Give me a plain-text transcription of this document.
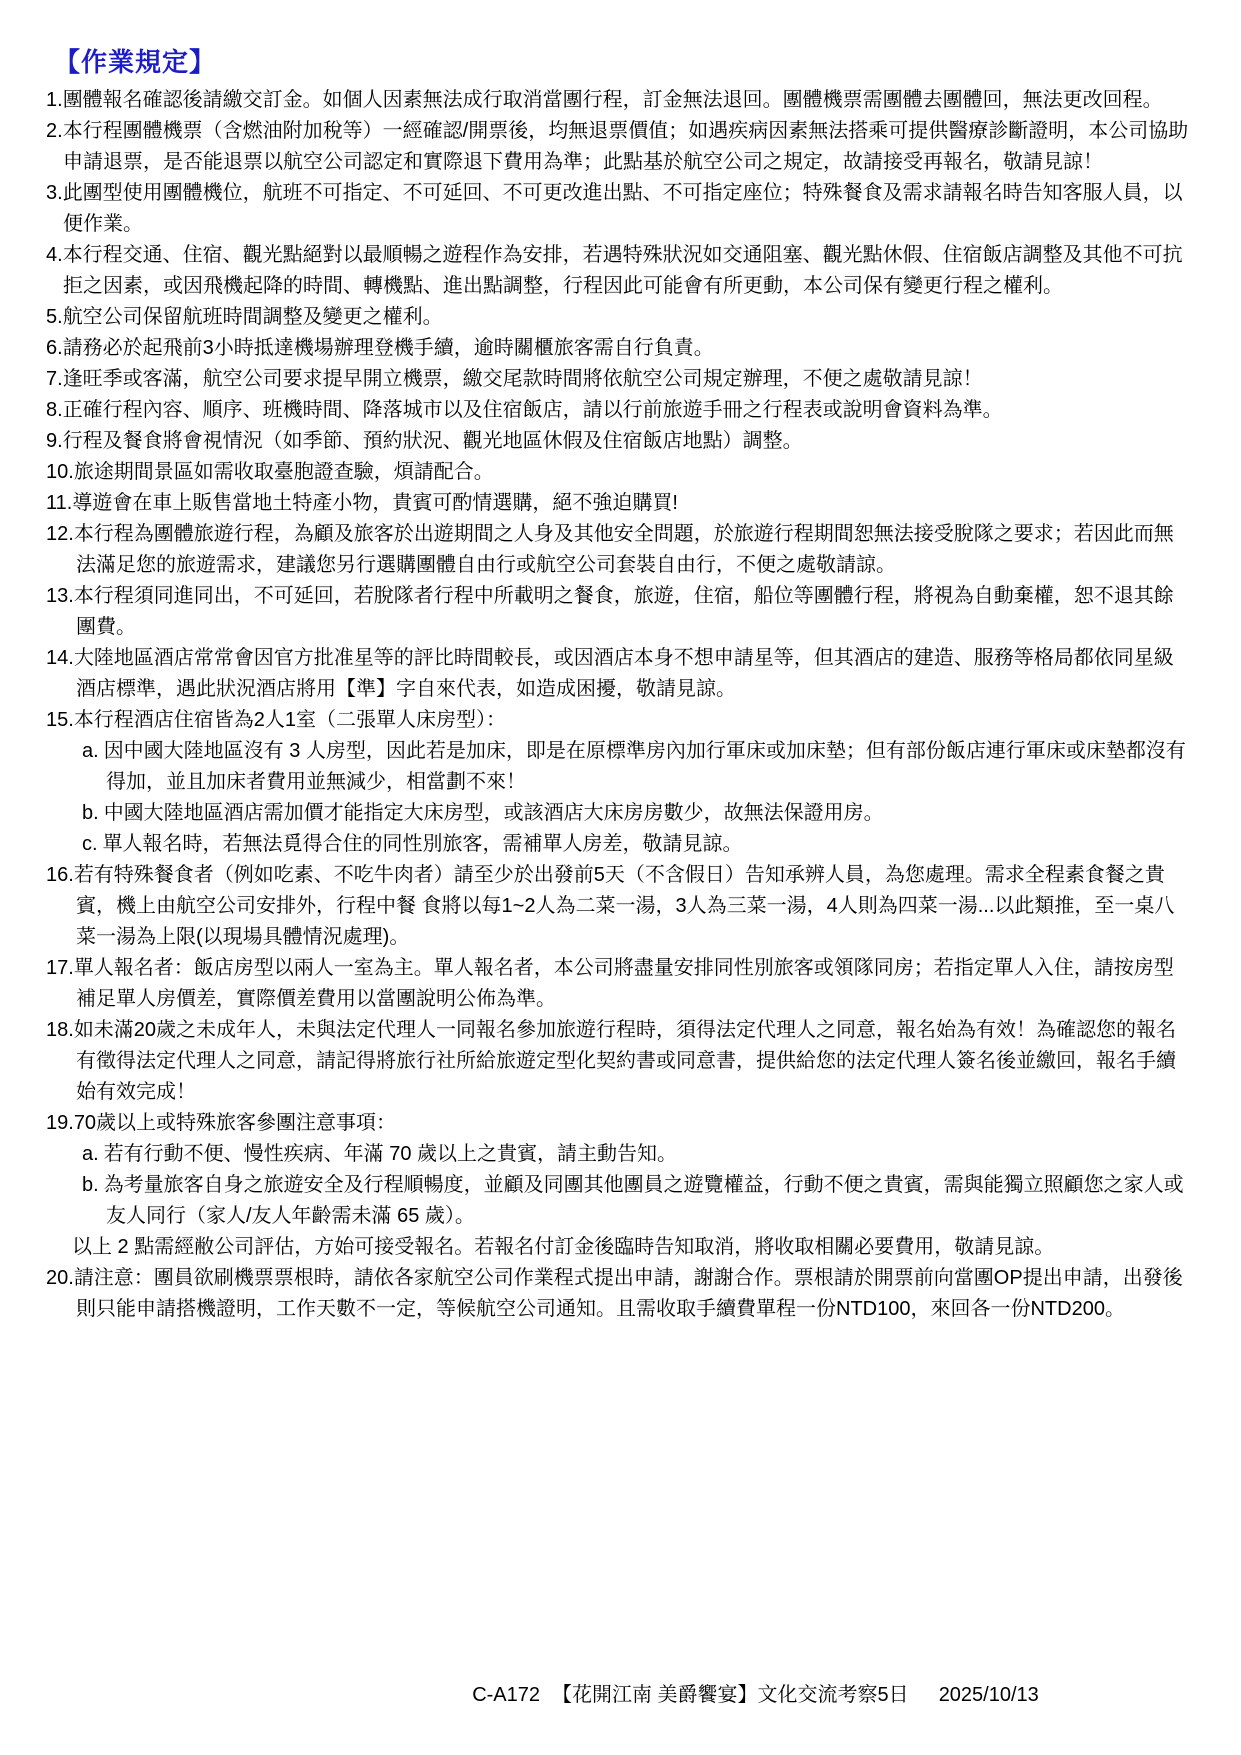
【作業規定】
1.團體報名確認後請繳交訂金。如個人因素無法成行取消當團行程，訂金無法退回。團體機票需團體去團體回，無法更改回程。
2.本行程團體機票（含燃油附加稅等）一經確認/開票後，均無退票價值；如遇疾病因素無法搭乘可提供醫療診斷證明，本公司協助申請退票，是否能退票以航空公司認定和實際退下費用為準；此點基於航空公司之規定，故請接受再報名，敬請見諒！
3.此團型使用團體機位，航班不可指定、不可延回、不可更改進出點、不可指定座位；特殊餐食及需求請報名時告知客服人員，以便作業。
4.本行程交通、住宿、觀光點絕對以最順暢之遊程作為安排，若遇特殊狀況如交通阻塞、觀光點休假、住宿飯店調整及其他不可抗拒之因素，或因飛機起降的時間、轉機點、進出點調整，行程因此可能會有所更動，本公司保有變更行程之權利。
5.航空公司保留航班時間調整及變更之權利。
6.請務必於起飛前3小時抵達機場辦理登機手續，逾時關櫃旅客需自行負責。
7.逢旺季或客滿，航空公司要求提早開立機票，繳交尾款時間將依航空公司規定辦理，不便之處敬請見諒！
8.正確行程內容、順序、班機時間、降落城市以及住宿飯店，請以行前旅遊手冊之行程表或說明會資料為準。
9.行程及餐食將會視情況（如季節、預約狀況、觀光地區休假及住宿飯店地點）調整。
10.旅途期間景區如需收取臺胞證查驗，煩請配合。
11.導遊會在車上販售當地土特產小物，貴賓可酌情選購，絕不強迫購買!
12.本行程為團體旅遊行程，為顧及旅客於出遊期間之人身及其他安全問題，於旅遊行程期間恕無法接受脫隊之要求；若因此而無法滿足您的旅遊需求，建議您另行選購團體自由行或航空公司套裝自由行，不便之處敬請諒。
13.本行程須同進同出，不可延回，若脫隊者行程中所載明之餐食，旅遊，住宿，船位等團體行程，將視為自動棄權，恕不退其餘團費。
14.大陸地區酒店常常會因官方批准星等的評比時間較長，或因酒店本身不想申請星等，但其酒店的建造、服務等格局都依同星級酒店標準，遇此狀況酒店將用【準】字自來代表，如造成困擾，敬請見諒。
15.本行程酒店住宿皆為2人1室（二張單人床房型）：
a. 因中國大陸地區沒有 3 人房型，因此若是加床，即是在原標準房內加行軍床或加床墊；但有部份飯店連行軍床或床墊都沒有得加，並且加床者費用並無減少，相當劃不來！
b. 中國大陸地區酒店需加價才能指定大床房型，或該酒店大床房房數少，故無法保證用房。
c. 單人報名時，若無法覓得合住的同性別旅客，需補單人房差，敬請見諒。
16.若有特殊餐食者（例如吃素、不吃牛肉者）請至少於出發前5天（不含假日）告知承辨人員，為您處理。需求全程素食餐之貴賓，機上由航空公司安排外，行程中餐 食將以每1~2人為二菜一湯，3人為三菜一湯，4人則為四菜一湯...以此類推，至一桌八菜一湯為上限(以現場具體情況處理)。
17.單人報名者：飯店房型以兩人一室為主。單人報名者，本公司將盡量安排同性別旅客或領隊同房；若指定單人入住，請按房型補足單人房價差，實際價差費用以當團說明公佈為準。
18.如未滿20歲之未成年人，未與法定代理人一同報名參加旅遊行程時，須得法定代理人之同意，報名始為有效！為確認您的報名有徵得法定代理人之同意，請記得將旅行社所給旅遊定型化契約書或同意書，提供給您的法定代理人簽名後並繳回，報名手續始有效完成！
19.70歲以上或特殊旅客參團注意事項：
a. 若有行動不便、慢性疾病、年滿 70 歲以上之貴賓，請主動告知。
b. 為考量旅客自身之旅遊安全及行程順暢度，並顧及同團其他團員之遊覽權益，行動不便之貴賓，需與能獨立照顧您之家人或友人同行（家人/友人年齡需未滿 65 歲）。
以上 2 點需經敝公司評估，方始可接受報名。若報名付訂金後臨時告知取消，將收取相關必要費用，敬請見諒。
20.請注意：團員欲刷機票票根時，請依各家航空公司作業程式提出申請，謝謝合作。票根請於開票前向當團OP提出申請，出發後則只能申請搭機證明，工作天數不一定，等候航空公司通知。且需收取手續費單程一份NTD100，來回各一份NTD200。
C-A172 【花開江南 美爵饗宴】文化交流考察5日 2025/10/13
